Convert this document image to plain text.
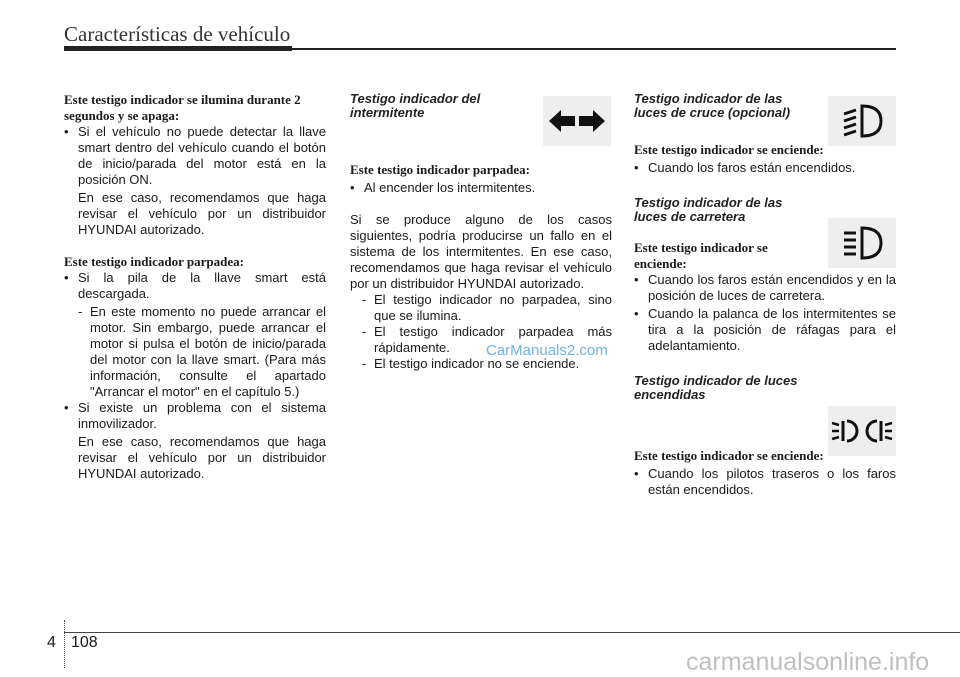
Características de vehículo
Este testigo indicador se ilumina durante 2 segundos y se apaga:
• Si el vehículo no puede detectar la llave smart dentro del vehículo cuando el botón de inicio/parada del motor está en la posición ON.
En ese caso, recomendamos que haga revisar el vehículo por un distribuidor HYUNDAI autorizado.
Este testigo indicador parpadea:
• Si la pila de la llave smart está descargada.
- En este momento no puede arrancar el motor. Sin embargo, puede arrancar el motor si pulsa el botón de inicio/parada del motor con la llave smart. (Para más información, consulte el apartado "Arrancar el motor" en el capítulo 5.)
• Si existe un problema con el sistema inmovilizador.
En ese caso, recomendamos que haga revisar el vehículo por un distribuidor HYUNDAI autorizado.
Testigo indicador del intermitente
Este testigo indicador parpadea:
• Al encender los intermitentes.
Si se produce alguno de los casos siguientes, podría producirse un fallo en el sistema de los intermitentes. En ese caso, recomendamos que haga revisar el vehículo por un distribuidor HYUNDAI autorizado.
- El testigo indicador no parpadea, sino que se ilumina.
- El testigo indicador parpadea más rápidamente.
- El testigo indicador no se enciende.
Testigo indicador de las luces de cruce (opcional)
Este testigo indicador se enciende:
• Cuando los faros están encendidos.
Testigo indicador de las luces de carretera
Este testigo indicador se enciende:
• Cuando los faros están encendidos y en la posición de luces de carretera.
• Cuando la palanca de los intermitentes se tira a la posición de ráfagas para el adelantamiento.
Testigo indicador de luces encendidas
Este testigo indicador se enciende:
• Cuando los pilotos traseros o los faros están encendidos.
CarManuals2.com
4 108
carmanualsonline.info
